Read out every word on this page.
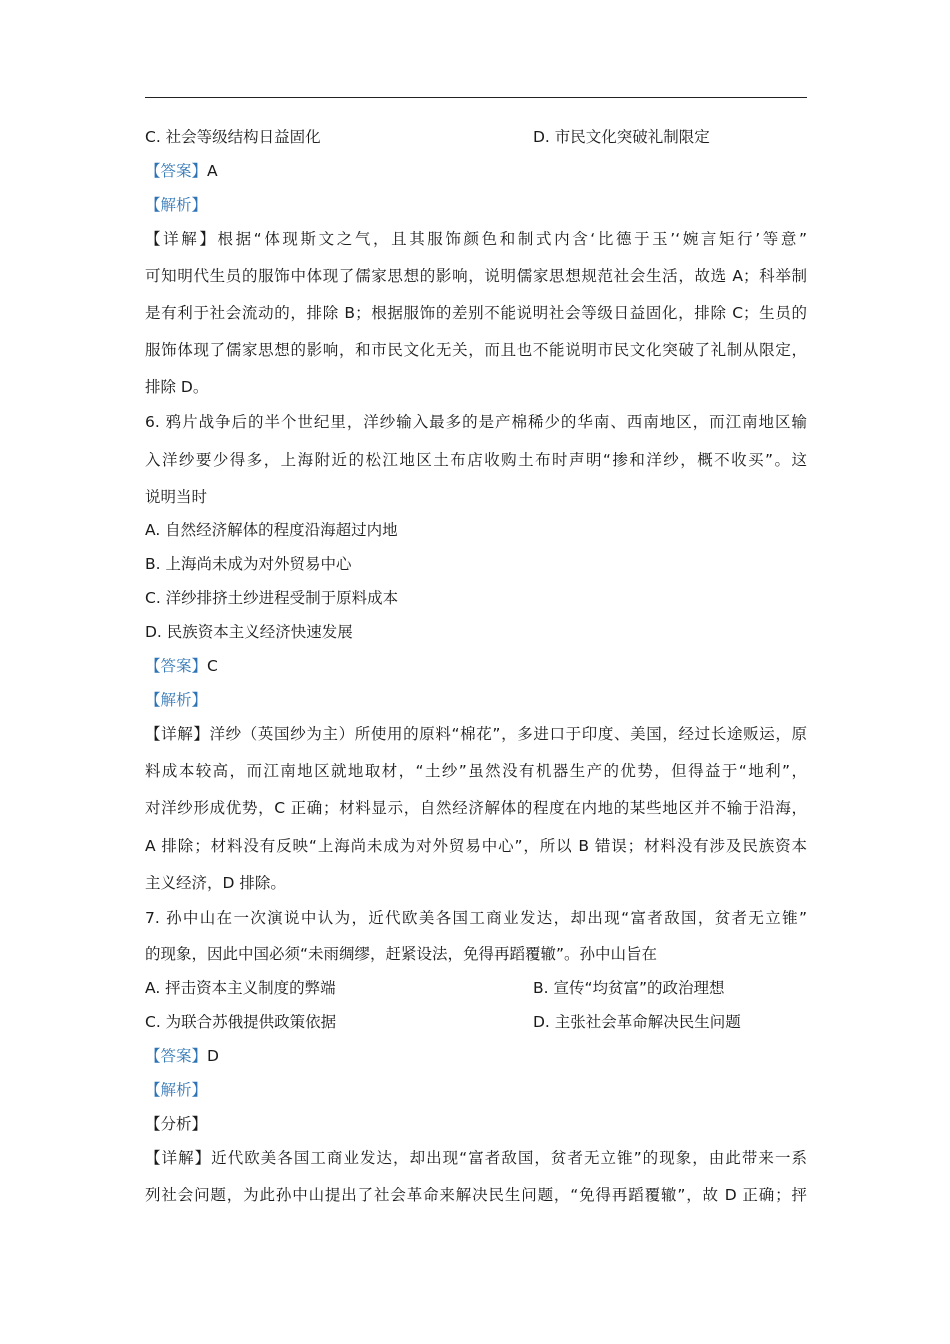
C. 社会等级结构日益固化	D. 市民文化突破礼制限定
【答案】A
【解析】
【详解】根据“体现斯文之气，且其服饰颜色和制式内含‘比德于玉’‘婉言矩行’等意”
可知明代生员的服饰中体现了儒家思想的影响，说明儒家思想规范社会生活，故选 A；科举制
是有利于社会流动的，排除 B；根据服饰的差别不能说明社会等级日益固化，排除 C；生员的
服饰体现了儒家思想的影响，和市民文化无关，而且也不能说明市民文化突破了礼制从限定，
排除 D。
6. 鸦片战争后的半个世纪里，洋纱输入最多的是产棉稀少的华南、西南地区，而江南地区输
入洋纱要少得多，上海附近的松江地区土布店收购土布时声明“掺和洋纱，概不收买”。这
说明当时
A. 自然经济解体的程度沿海超过内地
B. 上海尚未成为对外贸易中心
C. 洋纱排挤土纱进程受制于原料成本
D. 民族资本主义经济快速发展
【答案】C
【解析】
【详解】洋纱（英国纱为主）所使用的原料“棉花”，多进口于印度、美国，经过长途贩运，原
料成本较高，而江南地区就地取材，“土纱”虽然没有机器生产的优势，但得益于“地利”，
对洋纱形成优势，C 正确；材料显示，自然经济解体的程度在内地的某些地区并不输于沿海，
A 排除；材料没有反映“上海尚未成为对外贸易中心”，所以 B 错误；材料没有涉及民族资本
主义经济，D 排除。
7. 孙中山在一次演说中认为，近代欧美各国工商业发达，却出现“富者敌国，贫者无立锥”
的现象，因此中国必须“未雨绸缪，赶紧设法，免得再蹈覆辙”。孙中山旨在
A. 抨击资本主义制度的弊端	B. 宣传“均贫富”的政治理想
C. 为联合苏俄提供政策依据	D. 主张社会革命解决民生问题
【答案】D
【解析】
【分析】
【详解】近代欧美各国工商业发达，却出现“富者敌国，贫者无立锥”的现象，由此带来一系
列社会问题，为此孙中山提出了社会革命来解决民生问题，“免得再蹈覆辙”，故 D 正确；抨
